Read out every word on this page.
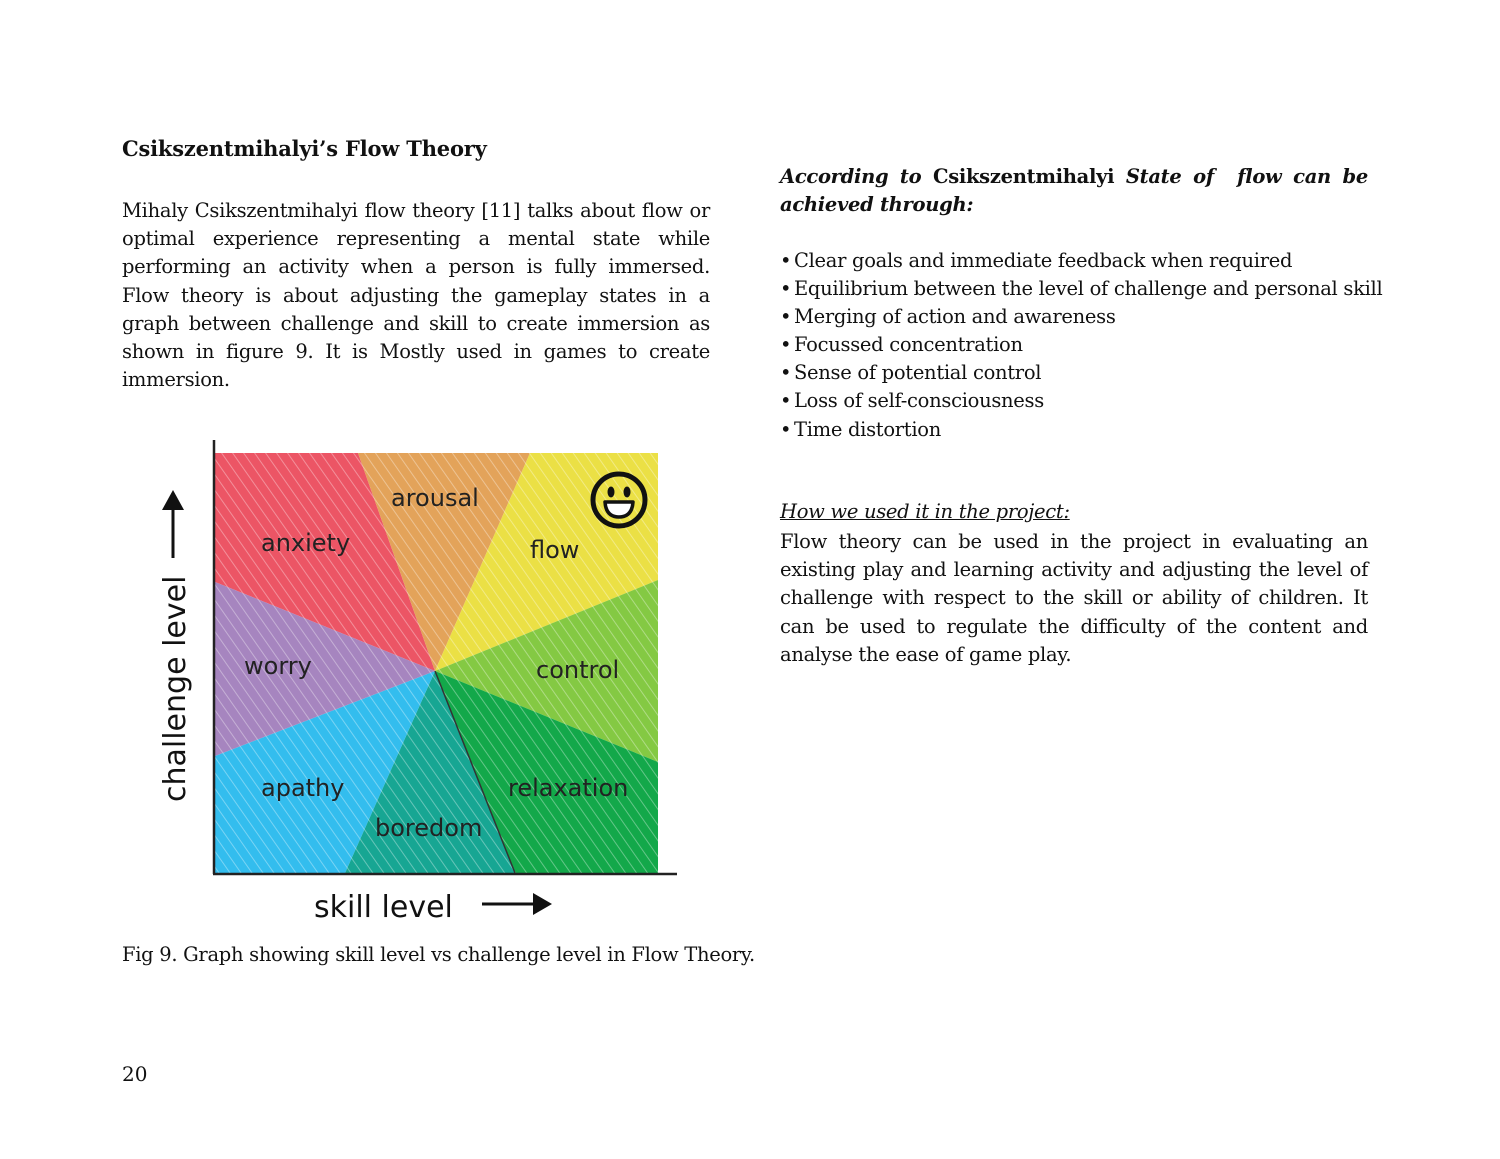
Csikszentmihalyi’s Flow Theory

Mihaly Csikszentmihalyi flow theory [11] talks about flow or optimal experience representing a mental state while performing an activity when a person is fully immersed. Flow theory is about adjusting the gameplay states in a graph between challenge and skill to create immersion as shown in figure 9. It is Mostly used in games to create immersion.

anxiety
arousal
flow
control
relaxation
boredom
apathy
worry
challenge level
skill level
Fig 9. Graph showing skill level vs challenge level in Flow Theory.
According to Csikszentmihalyi State of  flow can be achieved through:
• Clear goals and immediate feedback when required
• Equilibrium between the level of challenge and personal skill
• Merging of action and awareness
• Focussed concentration
• Sense of potential control
• Loss of self-consciousness
• Time distortion
How we used it in the project:

Flow theory can be used in the project in evaluating an existing play and learning activity and adjusting the level of challenge with respect to the skill or ability of children. It can be used to regulate the difficulty of the content and analyse the ease of game play.

20
